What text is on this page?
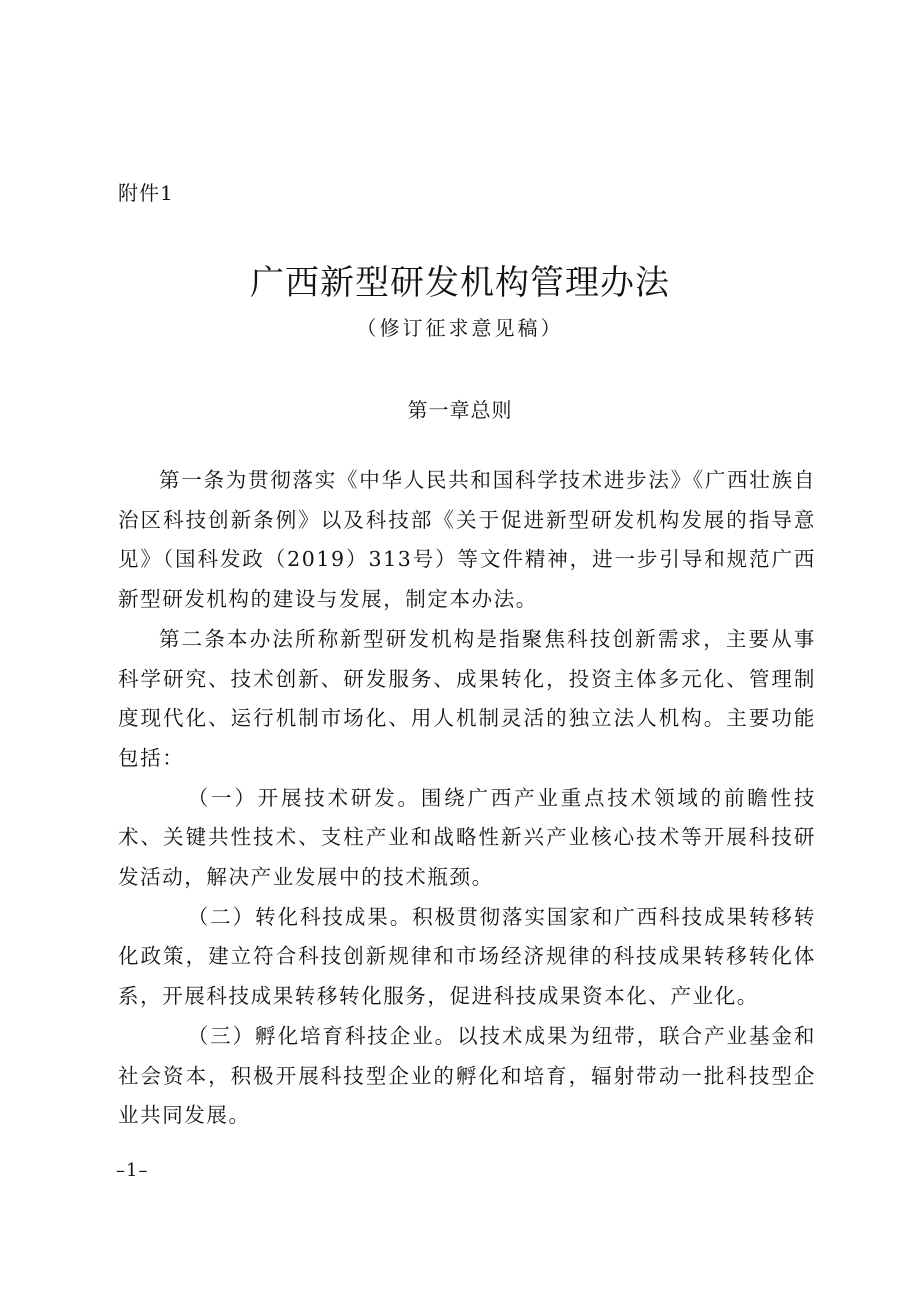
附件1
广西新型研发机构管理办法
（修订征求意见稿）
第一章总则

第一条为贯彻落实《中华人民共和国科学技术进步法》《广西壮族自治区科技创新条例》以及科技部《关于促进新型研发机构发展的指导意见》（国科发政（2019）313号）等文件精神，进一步引导和规范广西新型研发机构的建设与发展，制定本办法。

第二条本办法所称新型研发机构是指聚焦科技创新需求，主要从事科学研究、技术创新、研发服务、成果转化，投资主体多元化、管理制度现代化、运行机制市场化、用人机制灵活的独立法人机构。主要功能包括：

（一）开展技术研发。围绕广西产业重点技术领域的前瞻性技术、关键共性技术、支柱产业和战略性新兴产业核心技术等开展科技研发活动，解决产业发展中的技术瓶颈。

（二）转化科技成果。积极贯彻落实国家和广西科技成果转移转化政策，建立符合科技创新规律和市场经济规律的科技成果转移转化体系，开展科技成果转移转化服务，促进科技成果资本化、产业化。

（三）孵化培育科技企业。以技术成果为纽带，联合产业基金和社会资本，积极开展科技型企业的孵化和培育，辐射带动一批科技型企业共同发展。

–1–
